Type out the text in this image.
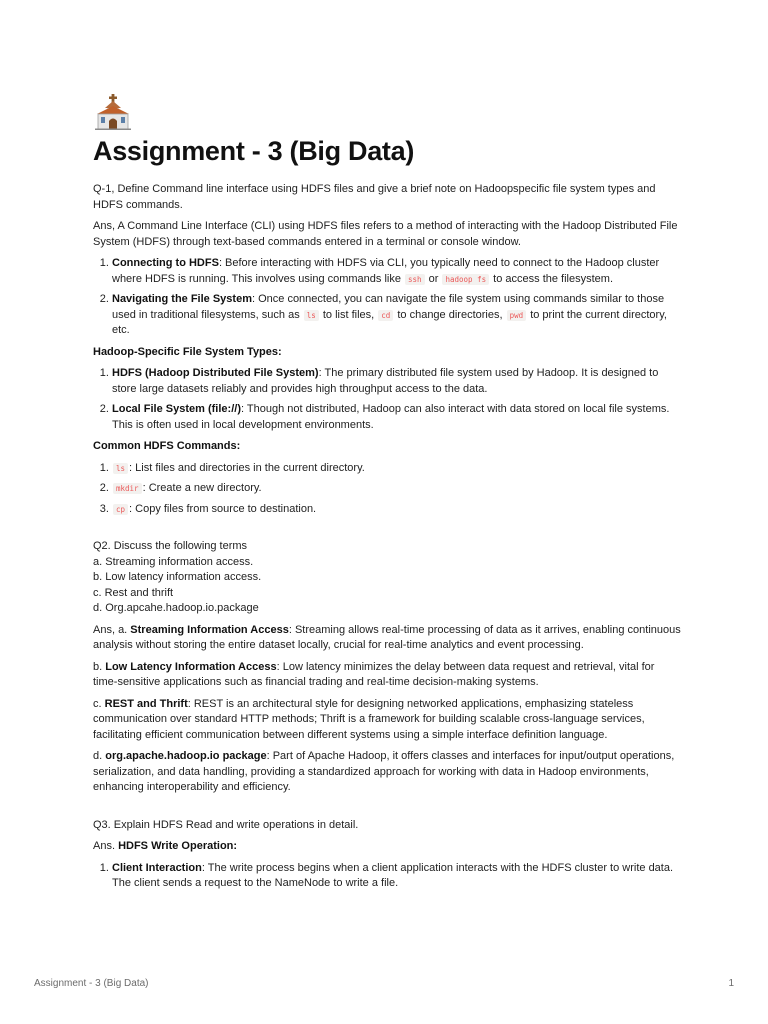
Assignment - 3 (Big Data)

Q-1, Define Command line interface using HDFS files and give a brief note on Hadoopspecific file system types and HDFS commands.

Ans, A Command Line Interface (CLI) using HDFS files refers to a method of interacting with the Hadoop Distributed File System (HDFS) through text-based commands entered in a terminal or console window.

1. Connecting to HDFS: Before interacting with HDFS via CLI, you typically need to connect to the Hadoop cluster where HDFS is running. This involves using commands like ssh or hadoop fs to access the filesystem.
2. Navigating the File System: Once connected, you can navigate the file system using commands similar to those used in traditional filesystems, such as ls to list files, cd to change directories, pwd to print the current directory, etc.

Hadoop-Specific File System Types:

1. HDFS (Hadoop Distributed File System): The primary distributed file system used by Hadoop. It is designed to store large datasets reliably and provides high throughput access to the data.
2. Local File System (file://): Though not distributed, Hadoop can also interact with data stored on local file systems. This is often used in local development environments.

Common HDFS Commands:

1. ls : List files and directories in the current directory.
2. mkdir : Create a new directory.
3. cp : Copy files from source to destination.

Q2. Discuss the following terms
a. Streaming information access.
b. Low latency information access.
c. Rest and thrift
d. Org.apcahe.hadoop.io.package

Ans, a. Streaming Information Access: Streaming allows real-time processing of data as it arrives, enabling continuous analysis without storing the entire dataset locally, crucial for real-time analytics and event processing.

b. Low Latency Information Access: Low latency minimizes the delay between data request and retrieval, vital for time-sensitive applications such as financial trading and real-time decision-making systems.

c. REST and Thrift: REST is an architectural style for designing networked applications, emphasizing stateless communication over standard HTTP methods; Thrift is a framework for building scalable cross-language services, facilitating efficient communication between different systems using a simple interface definition language.

d. org.apache.hadoop.io package: Part of Apache Hadoop, it offers classes and interfaces for input/output operations, serialization, and data handling, providing a standardized approach for working with data in Hadoop environments, enhancing interoperability and efficiency.

Q3. Explain HDFS Read and write operations in detail.

Ans. HDFS Write Operation:

1. Client Interaction: The write process begins when a client application interacts with the HDFS cluster to write data. The client sends a request to the NameNode to write a file.
Assignment - 3 (Big Data)	1
